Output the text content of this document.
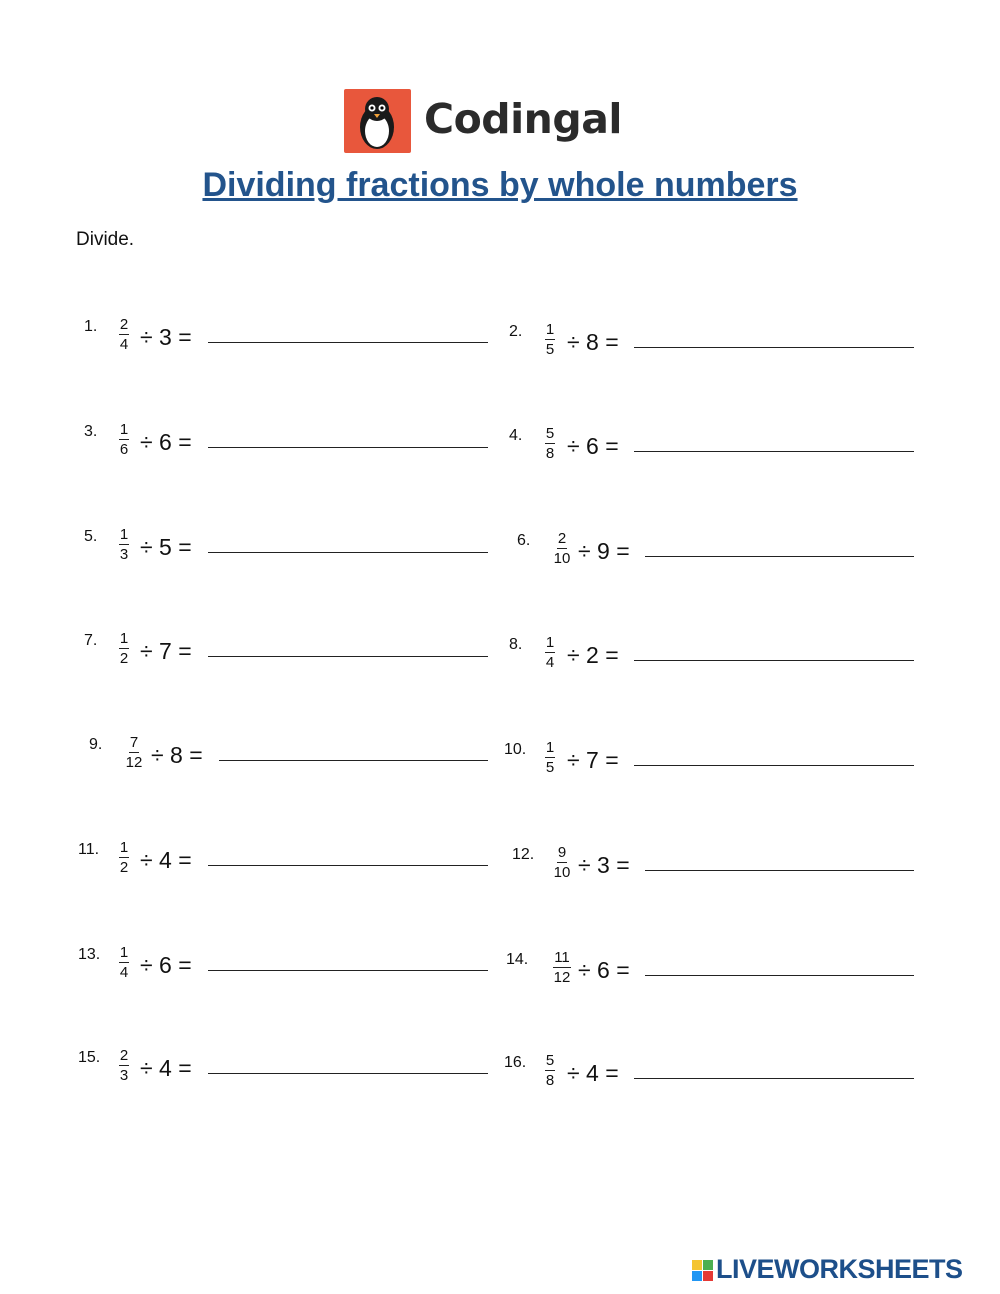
Codingal
Dividing fractions by whole numbers
Divide.
1. $\frac{2}{4} \div 3$ =	2. $\frac{1}{5} \div 8$ =
3. $\frac{1}{6} \div 6$ =	4. $\frac{5}{8} \div 6$ =
5. $\frac{1}{3} \div 5$ =	6. $\frac{2}{10} \div 9$ =
7. $\frac{1}{2} \div 7$ =	8. $\frac{1}{4} \div 2$ =
9. $\frac{7}{12} \div 8$ =	10. $\frac{1}{5} \div 7$ =
11. $\frac{1}{2} \div 4$ =	12. $\frac{9}{10} \div 3$ =
13. $\frac{1}{4} \div 6$ =	14. $\frac{11}{12} \div 6$ =
15. $\frac{2}{3} \div 4$ =	16. $\frac{5}{8} \div 4$ =
LIVEWORKSHEETS
